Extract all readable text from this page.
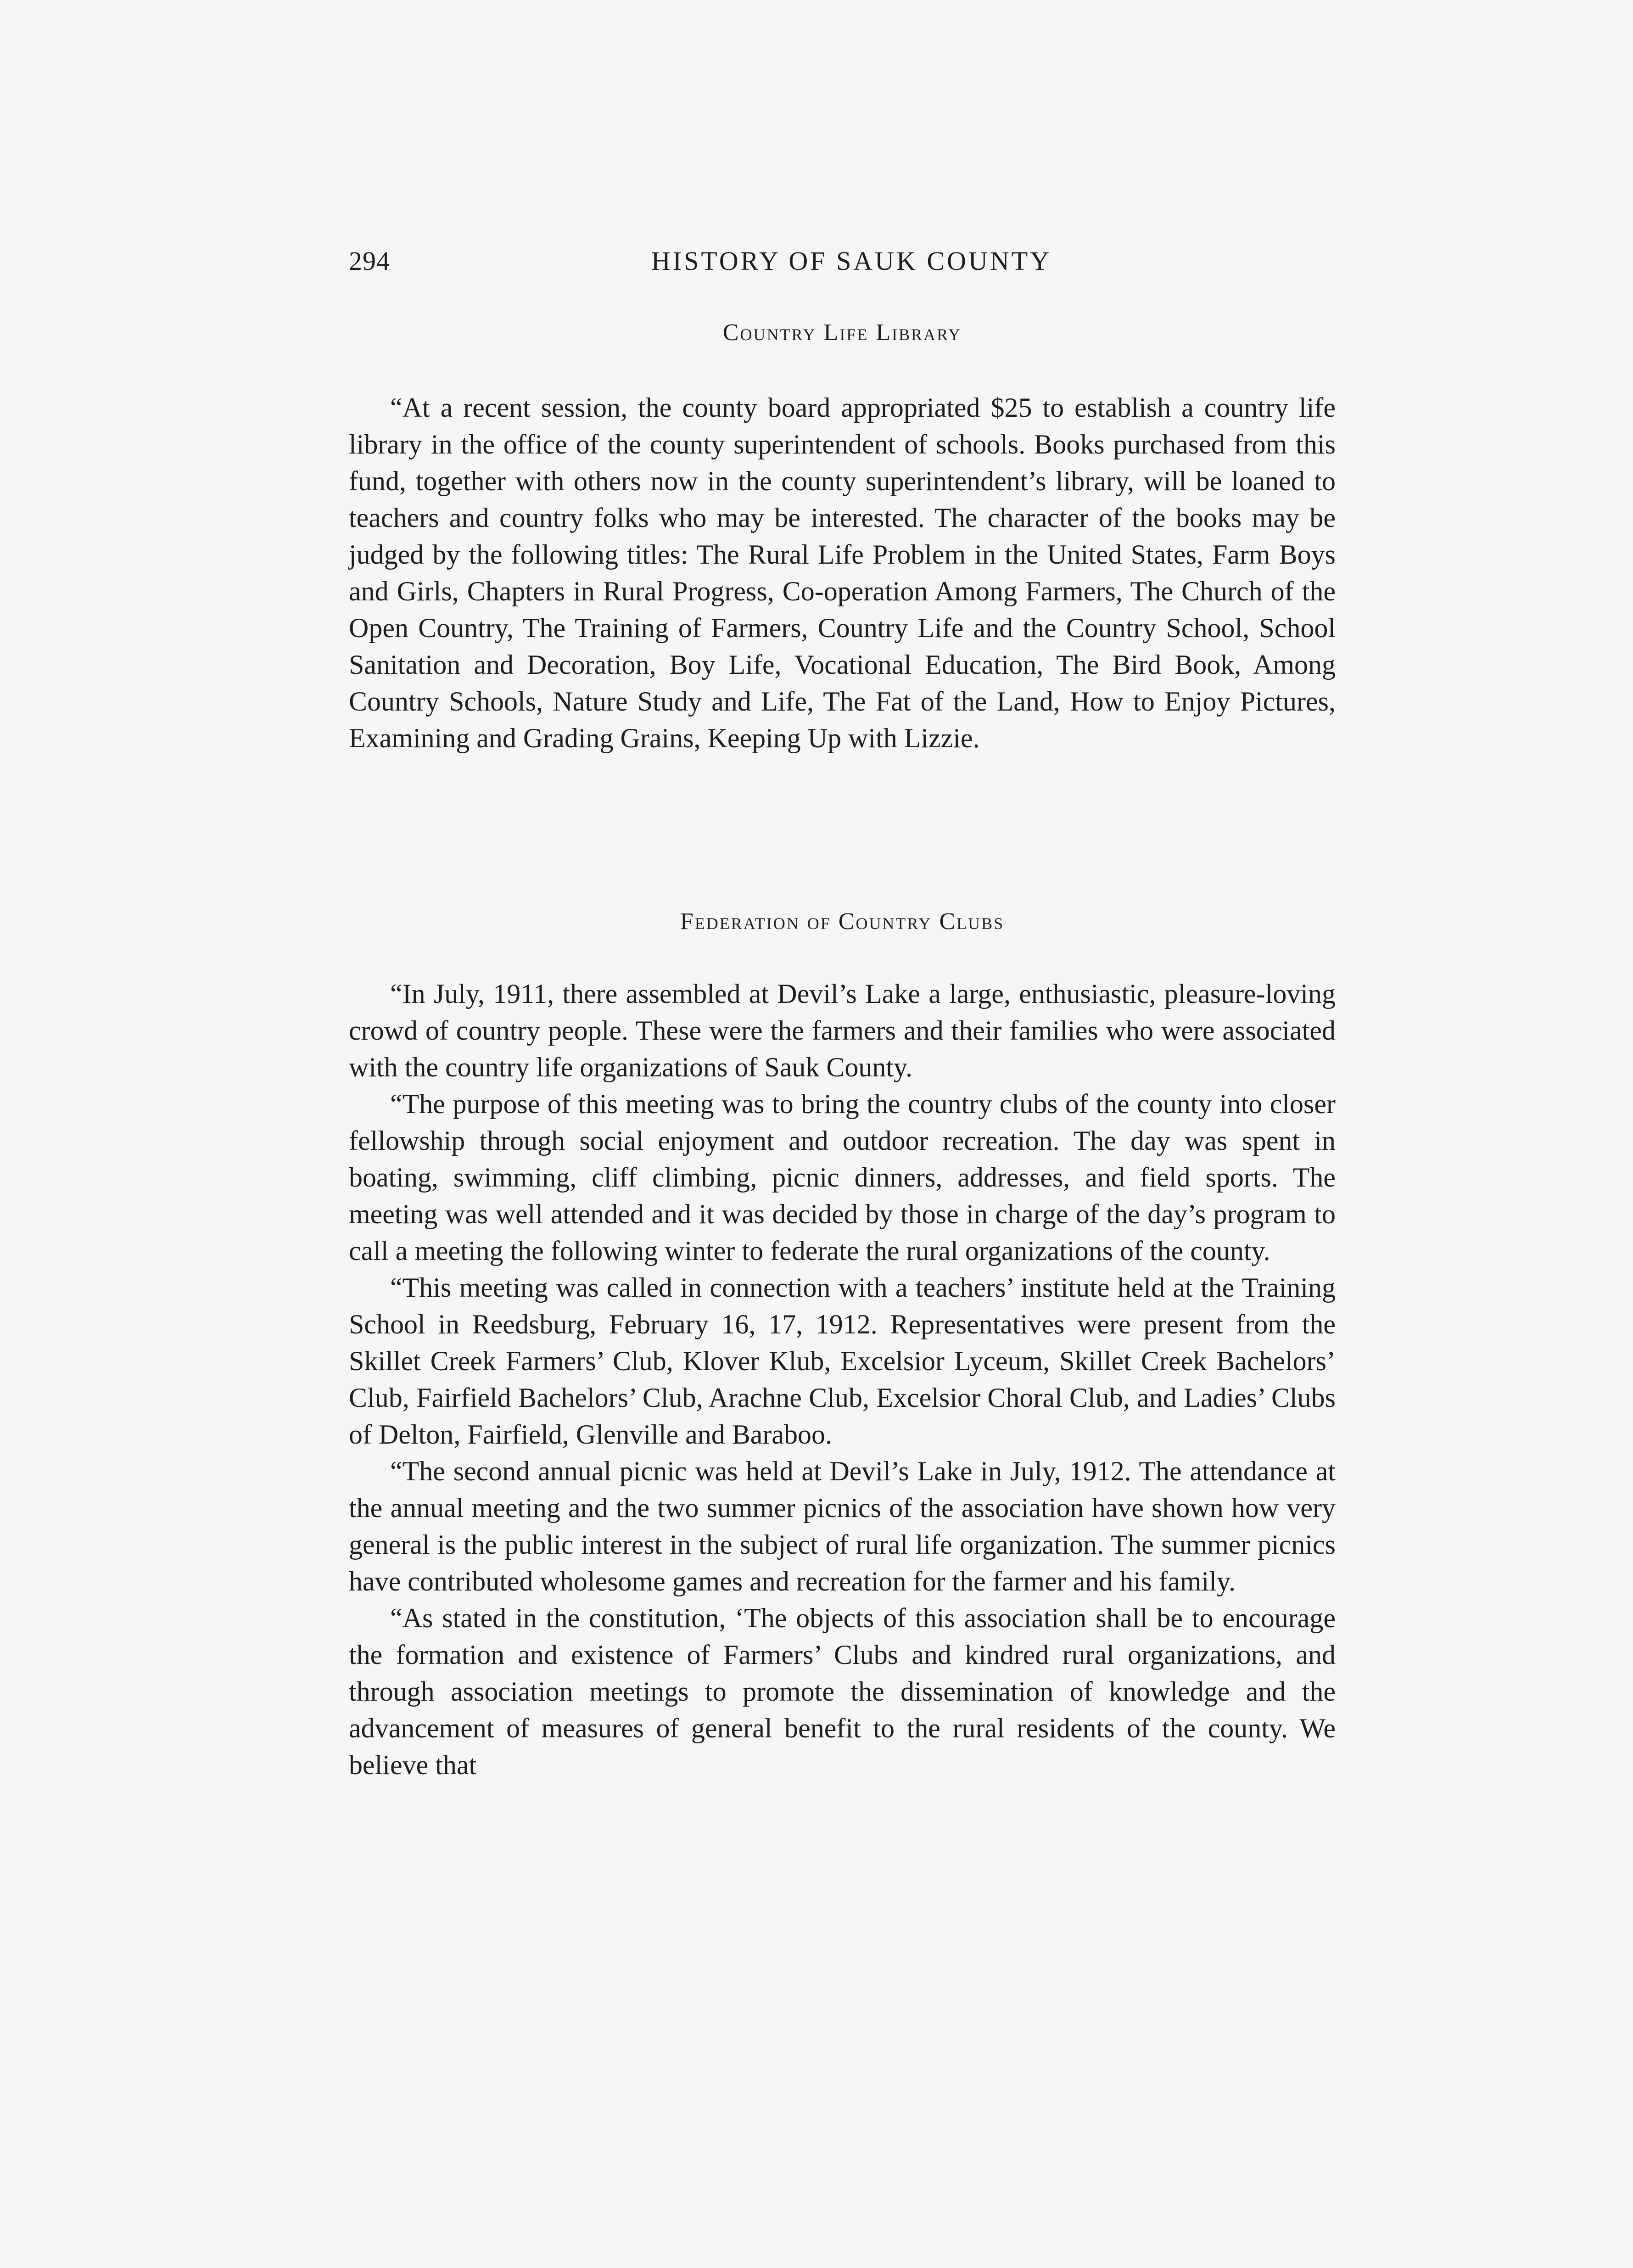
294	HISTORY OF SAUK COUNTY
Country Life Library

“At a recent session, the county board appropriated $25 to establish a country life library in the office of the county superintendent of schools. Books purchased from this fund, together with others now in the county superintendent’s library, will be loaned to teachers and country folks who may be interested. The character of the books may be judged by the following titles: The Rural Life Problem in the United States, Farm Boys and Girls, Chapters in Rural Progress, Co-operation Among Farmers, The Church of the Open Country, The Training of Farmers, Country Life and the Country School, School Sanitation and Decoration, Boy Life, Vocational Education, The Bird Book, Among Country Schools, Nature Study and Life, The Fat of the Land, How to Enjoy Pictures, Examining and Grading Grains, Keeping Up with Lizzie.

Federation of Country Clubs

“In July, 1911, there assembled at Devil’s Lake a large, enthusiastic, pleasure-loving crowd of country people. These were the farmers and their families who were associated with the country life organizations of Sauk County.

“The purpose of this meeting was to bring the country clubs of the county into closer fellowship through social enjoyment and outdoor recreation. The day was spent in boating, swimming, cliff climbing, picnic dinners, addresses, and field sports. The meeting was well attended and it was decided by those in charge of the day’s program to call a meeting the following winter to federate the rural organizations of the county.

“This meeting was called in connection with a teachers’ institute held at the Training School in Reedsburg, February 16, 17, 1912. Representatives were present from the Skillet Creek Farmers’ Club, Klover Klub, Excelsior Lyceum, Skillet Creek Bachelors’ Club, Fairfield Bachelors’ Club, Arachne Club, Excelsior Choral Club, and Ladies’ Clubs of Delton, Fairfield, Glenville and Baraboo.

“The second annual picnic was held at Devil’s Lake in July, 1912. The attendance at the annual meeting and the two summer picnics of the association have shown how very general is the public interest in the subject of rural life organization. The summer picnics have contributed wholesome games and recreation for the farmer and his family.

“As stated in the constitution, ‘The objects of this association shall be to encourage the formation and existence of Farmers’ Clubs and kindred rural organizations, and through association meetings to promote the dissemination of knowledge and the advancement of measures of general benefit to the rural residents of the county. We believe that
